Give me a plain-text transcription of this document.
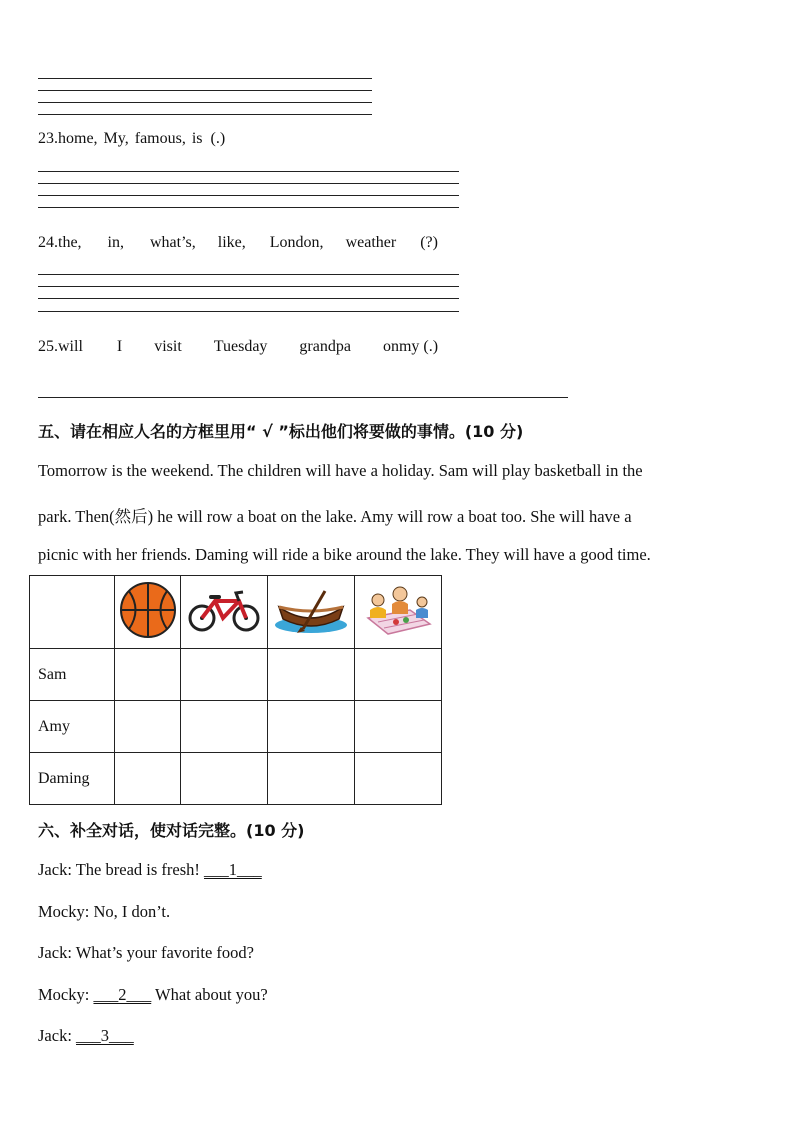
23.home, My, famous, is (.)
24.the, in, what’s, like, London, weather (?)
25.will I visit Tuesday grandpa onmy (.)
五、请在相应人名的方框里用“ √ ”标出他们将要做的事情。(10 分)
Tomorrow is the weekend. The children will have a holiday. Sam will play basketball in the
park. Then(然后) he will row a boat on the lake. Amy will row a boat too. She will have a
picnic with her friends. Daming will ride a bike around the lake. They will have a good time.

Sam				
Amy				
Daming				
六、补全对话，使对话完整。(10 分)
Jack: The bread is fresh! ___1___
Mocky: No, I don’t.
Jack: What’s your favorite food?
Mocky: ___2___ What about you?
Jack: ___3___
